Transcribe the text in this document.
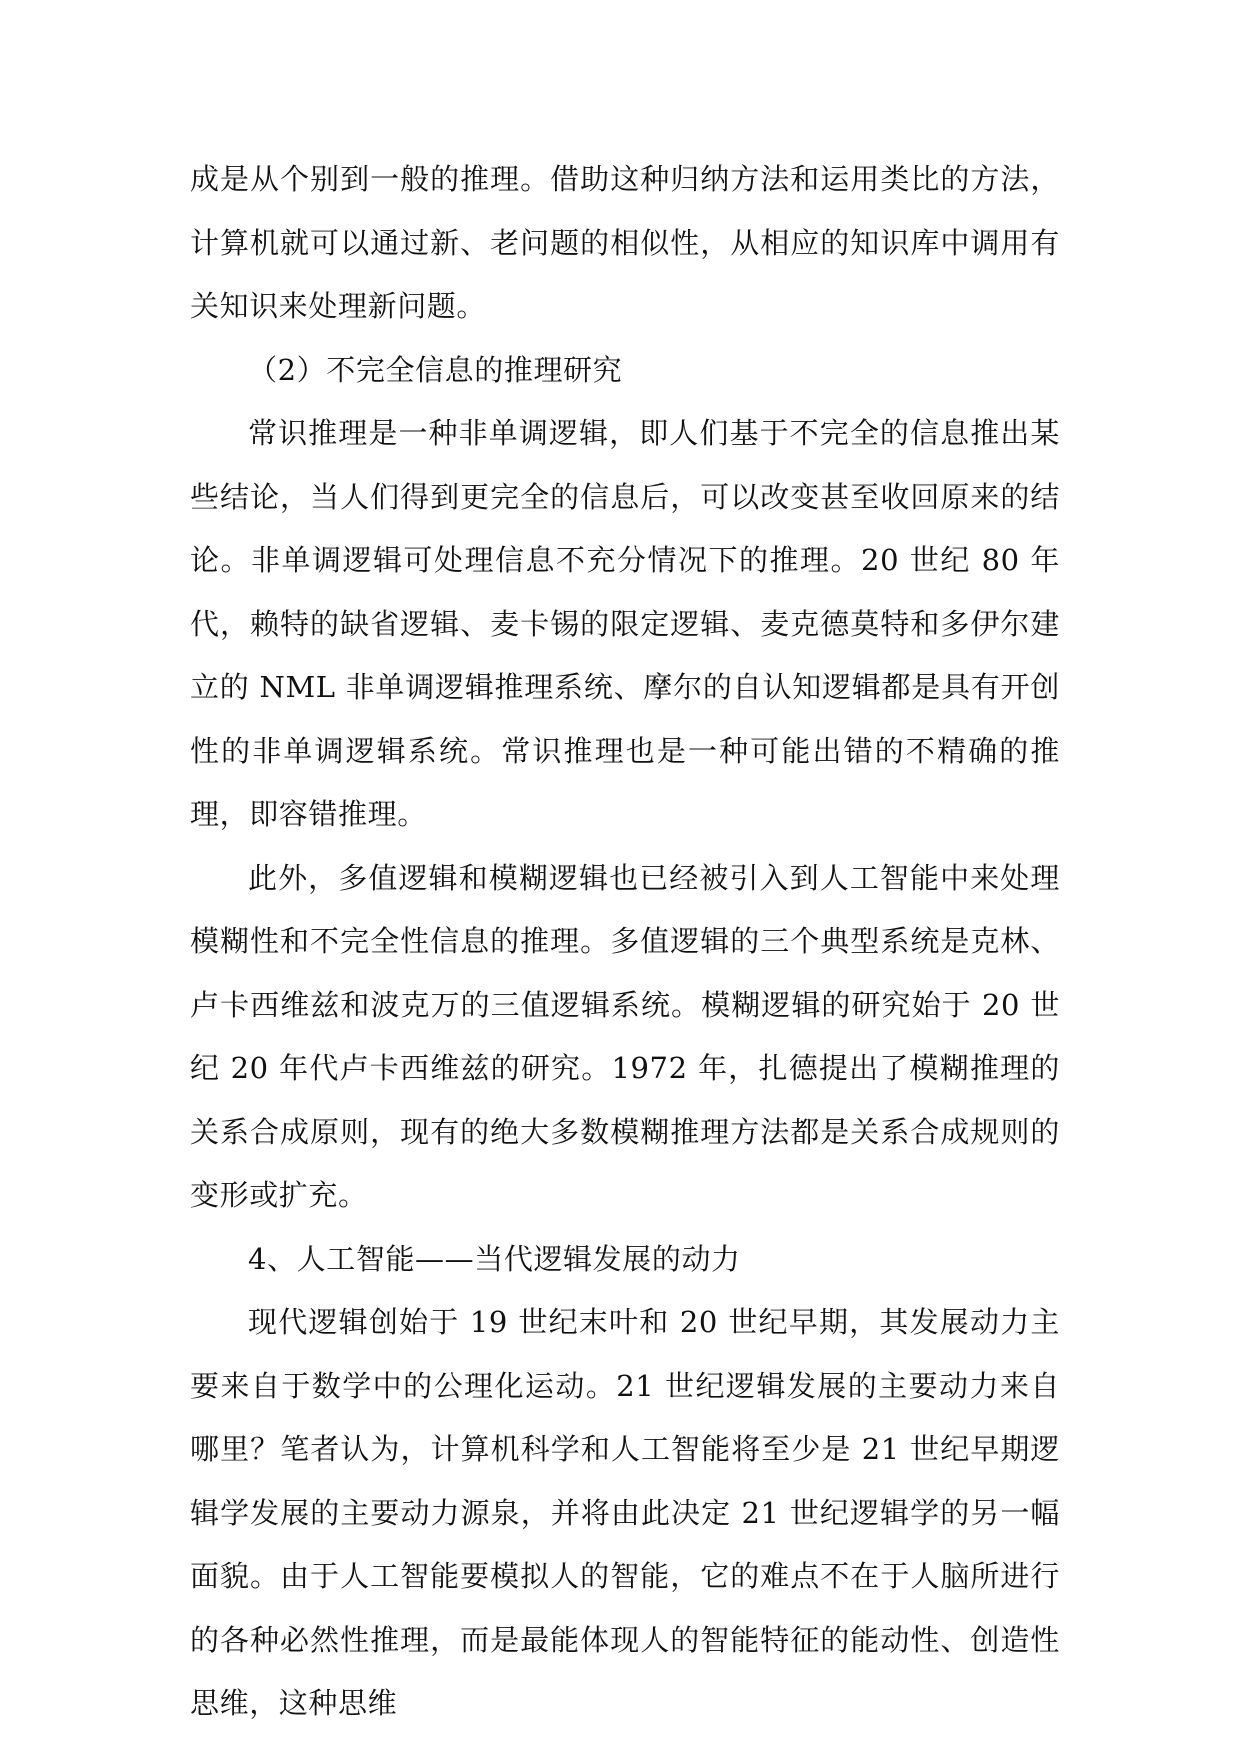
成是从个别到一般的推理。借助这种归纳方法和运用类比的方法，计算机就可以通过新、老问题的相似性，从相应的知识库中调用有关知识来处理新问题。

（2）不完全信息的推理研究

常识推理是一种非单调逻辑，即人们基于不完全的信息推出某些结论，当人们得到更完全的信息后，可以改变甚至收回原来的结论。非单调逻辑可处理信息不充分情况下的推理。20 世纪 80 年代，赖特的缺省逻辑、麦卡锡的限定逻辑、麦克德莫特和多伊尔建立的 NML 非单调逻辑推理系统、摩尔的自认知逻辑都是具有开创性的非单调逻辑系统。常识推理也是一种可能出错的不精确的推理，即容错推理。

此外，多值逻辑和模糊逻辑也已经被引入到人工智能中来处理模糊性和不完全性信息的推理。多值逻辑的三个典型系统是克林、卢卡西维兹和波克万的三值逻辑系统。模糊逻辑的研究始于 20 世纪 20 年代卢卡西维兹的研究。1972 年，扎德提出了模糊推理的关系合成原则，现有的绝大多数模糊推理方法都是关系合成规则的变形或扩充。

4、人工智能——当代逻辑发展的动力

现代逻辑创始于 19 世纪末叶和 20 世纪早期，其发展动力主要来自于数学中的公理化运动。21 世纪逻辑发展的主要动力来自哪里？笔者认为，计算机科学和人工智能将至少是 21 世纪早期逻辑学发展的主要动力源泉，并将由此决定 21 世纪逻辑学的另一幅面貌。由于人工智能要模拟人的智能，它的难点不在于人脑所进行的各种必然性推理，而是最能体现人的智能特征的能动性、创造性思维，这种思维
